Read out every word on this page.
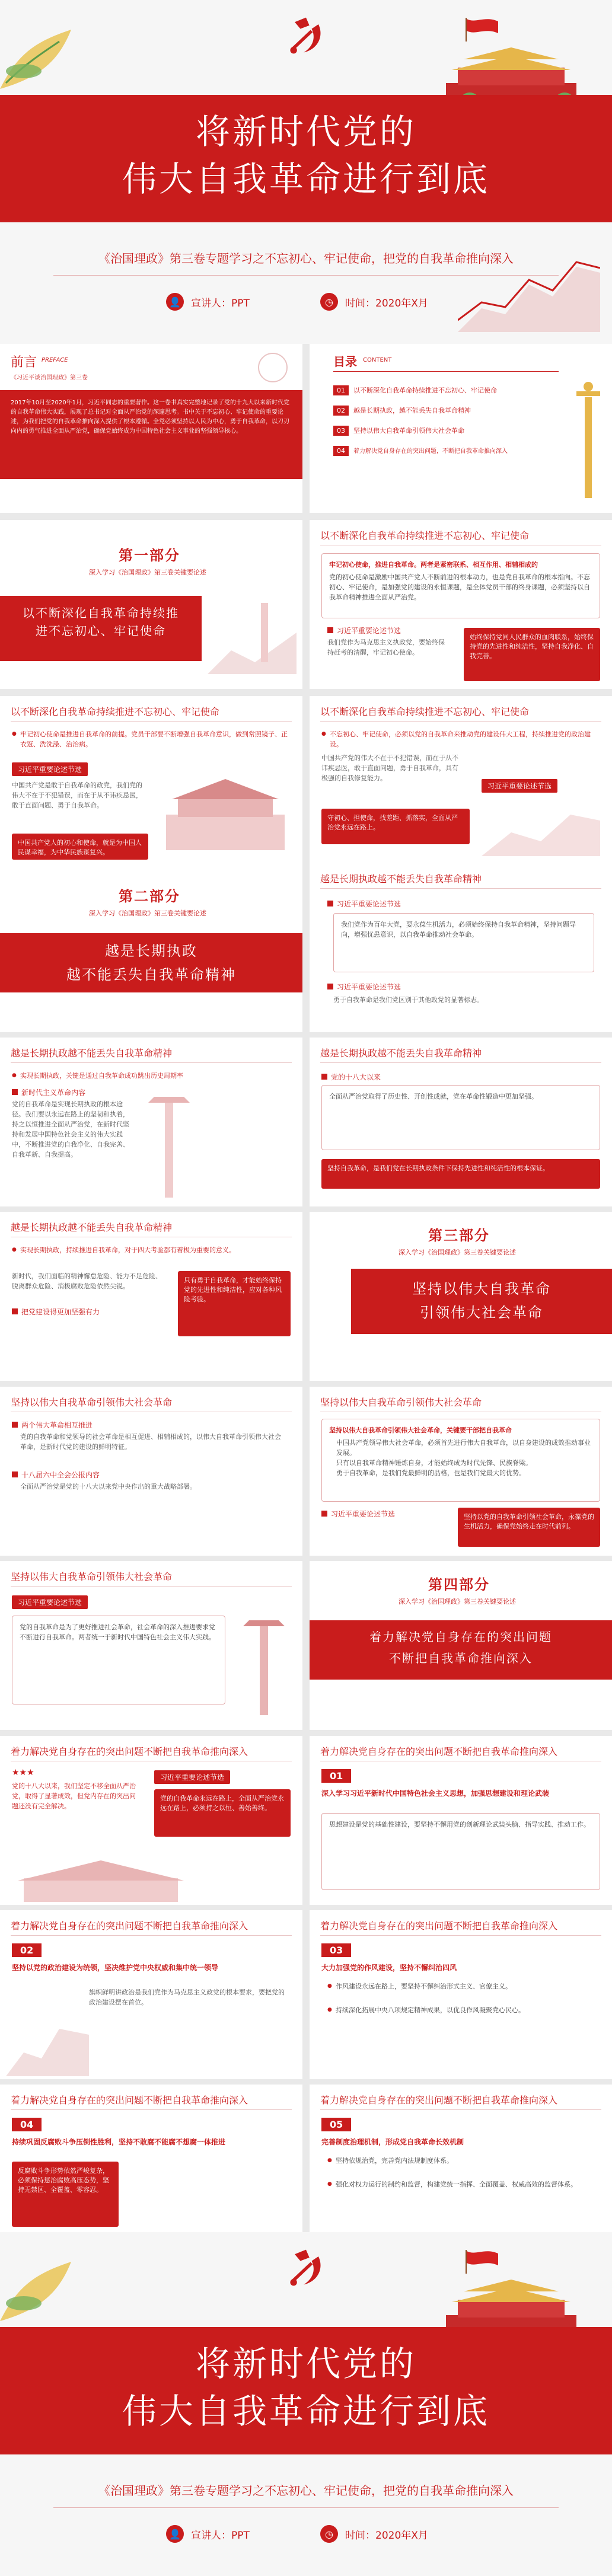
将新时代党的
伟大自我革命进行到底
《治国理政》第三卷专题学习之不忘初心、牢记使命，把党的自我革命推向深入
👤 宣讲人：PPT	◷	时间：2020年X月
前言 PREFACE
《习近平谈治国理政》第三卷
2017年10月至2020年1月，习近平同志的重要著作。这一卷书真实完整地记录了党的十九大以来新时代党的自我革命伟大实践，展现了总书记对全面从严治党的深邃思考。书中关于不忘初心、牢记使命的重要论述，为我们把党的自我革命推向深入提供了根本遵循。全党必须坚持以人民为中心，勇于自我革命，以刀刃向内的勇气推进全面从严治党，确保党始终成为中国特色社会主义事业的坚强领导核心。
目录 CONTENT
01	以不断深化自我革命持续推进不忘初心、牢记使命
02	越是长期执政，越不能丢失自我革命精神
03	坚持以伟大自我革命引领伟大社会革命
04	着力解决党自身存在的突出问题，不断把自我革命推向深入
第一部分
深入学习《治国理政》第三卷关键要论述
以不断深化自我革命持续推进不忘初心、牢记使命
以不断深化自我革命持续推进不忘初心、牢记使命
牢记初心使命，推进自我革命。两者是紧密联系、相互作用、相辅相成的
党的初心使命是激励中国共产党人不断前进的根本动力，也是党自我革命的根本指向。不忘初心、牢记使命，是加强党的建设的永恒课题，是全体党员干部的终身课题，必须坚持以自我革命精神推进全面从严治党。
习近平重要论述节选
我们党作为马克思主义执政党，要始终保持赶考的清醒，牢记初心使命。
始终保持党同人民群众的血肉联系，始终保持党的先进性和纯洁性，坚持自我净化、自我完善。
以不断深化自我革命持续推进不忘初心、牢记使命
● 牢记初心使命是推进自我革命的前提。党员干部要不断增强自我革命意识，做到常照镜子、正衣冠、洗洗澡、治治病。
习近平重要论述节选
中国共产党是敢于自我革命的政党，我们党的伟大不在于不犯错误，而在于从不讳疾忌医，敢于直面问题、勇于自我革命。
中国共产党人的初心和使命，就是为中国人民谋幸福，为中华民族谋复兴。
以不断深化自我革命持续推进不忘初心、牢记使命
● 不忘初心、牢记使命，必须以党的自我革命来推动党的建设伟大工程，持续推进党的政治建设。
中国共产党的伟大不在于不犯错误，而在于从不讳疾忌医，敢于直面问题，勇于自我革命，具有极强的自我修复能力。
习近平重要论述节选
守初心、担使命，找差距、抓落实，全面从严治党永远在路上。
第二部分
深入学习《治国理政》第三卷关键要论述
越是长期执政
越不能丢失自我革命精神
越是长期执政越不能丢失自我革命精神
习近平重要论述节选
我们党作为百年大党，要永葆生机活力，必须始终保持自我革命精神，坚持问题导向，增强忧患意识，以自我革命推动社会革命。
习近平重要论述节选
勇于自我革命是我们党区别于其他政党的显著标志。
越是长期执政越不能丢失自我革命精神
● 实现长期执政，关键是通过自我革命成功跳出历史周期率
新时代主义革命内容
党的自我革命是实现长期执政的根本途径。我们要以永远在路上的坚韧和执着，持之以恒推进全面从严治党，在新时代坚持和发展中国特色社会主义的伟大实践中，不断推进党的自我净化、自我完善、自我革新、自我提高。
越是长期执政越不能丢失自我革命精神
党的十八大以来
全面从严治党取得了历史性、开创性成就，党在革命性锻造中更加坚强。
坚持自我革命，是我们党在长期执政条件下保持先进性和纯洁性的根本保证。
越是长期执政越不能丢失自我革命精神
● 实现长期执政，持续推进自我革命，对于四大考验都有着极为重要的意义。
新时代，我们面临的精神懈怠危险、能力不足危险、脱离群众危险、消极腐败危险依然尖锐。
把党建设得更加坚强有力
只有勇于自我革命，才能始终保持党的先进性和纯洁性，应对各种风险考验。
第三部分
深入学习《治国理政》第三卷关键要论述
坚持以伟大自我革命
引领伟大社会革命
坚持以伟大自我革命引领伟大社会革命
两个伟大革命相互推进
党的自我革命和党领导的社会革命是相互促进、相辅相成的，以伟大自我革命引领伟大社会革命，是新时代党的建设的鲜明特征。
十八届六中全会公报内容
全面从严治党是党的十八大以来党中央作出的重大战略部署。
坚持以伟大自我革命引领伟大社会革命
坚持以伟大自我革命引领伟大社会革命，关键要干部把自我革命
中国共产党领导伟大社会革命，必须首先进行伟大自我革命，以自身建设的成效推动事业发展。
只有以自我革命精神锤炼自身，才能始终成为时代先锋、民族脊梁。
勇于自我革命，是我们党最鲜明的品格，也是我们党最大的优势。
习近平重要论述节选	坚持以党的自我革命引领社会革命，永葆党的生机活力，确保党始终走在时代前列。
坚持以伟大自我革命引领伟大社会革命
习近平重要论述节选
党的自我革命是为了更好推进社会革命，社会革命的深入推进要求党不断进行自我革命。两者统一于新时代中国特色社会主义伟大实践。
第四部分
深入学习《治国理政》第三卷关键要论述
着力解决党自身存在的突出问题
不断把自我革命推向深入
着力解决党自身存在的突出问题不断把自我革命推向深入
★★★
党的十八大以来，我们坚定不移全面从严治党，取得了显著成效，但党内存在的突出问题还没有完全解决。
习近平重要论述节选
党的自我革命永远在路上，全面从严治党永远在路上，必须持之以恒、善始善终。
着力解决党自身存在的突出问题不断把自我革命推向深入
01
深入学习习近平新时代中国特色社会主义思想，加强思想建设和理论武装
思想建设是党的基础性建设，要坚持不懈用党的创新理论武装头脑、指导实践、推动工作。
着力解决党自身存在的突出问题不断把自我革命推向深入
02
坚持以党的政治建设为统领，坚决维护党中央权威和集中统一领导
旗帜鲜明讲政治是我们党作为马克思主义政党的根本要求，要把党的政治建设摆在首位。
着力解决党自身存在的突出问题不断把自我革命推向深入
03
大力加强党的作风建设，坚持不懈纠治四风
● 作风建设永远在路上，要坚持不懈纠治形式主义、官僚主义。
● 持续深化拓展中央八项规定精神成果，以优良作风凝聚党心民心。
着力解决党自身存在的突出问题不断把自我革命推向深入
04
持续巩固反腐败斗争压倒性胜利，坚持不敢腐不能腐不想腐一体推进
反腐败斗争形势依然严峻复杂，必须保持惩治腐败高压态势，坚持无禁区、全覆盖、零容忍。
着力解决党自身存在的突出问题不断把自我革命推向深入
05
完善制度治理机制，形成党自我革命长效机制
● 坚持依规治党，完善党内法规制度体系。
● 强化对权力运行的制约和监督，构建党统一指挥、全面覆盖、权威高效的监督体系。
将新时代党的
伟大自我革命进行到底
《治国理政》第三卷专题学习之不忘初心、牢记使命，把党的自我革命推向深入
👤 宣讲人：PPT	◷	时间：2020年X月
